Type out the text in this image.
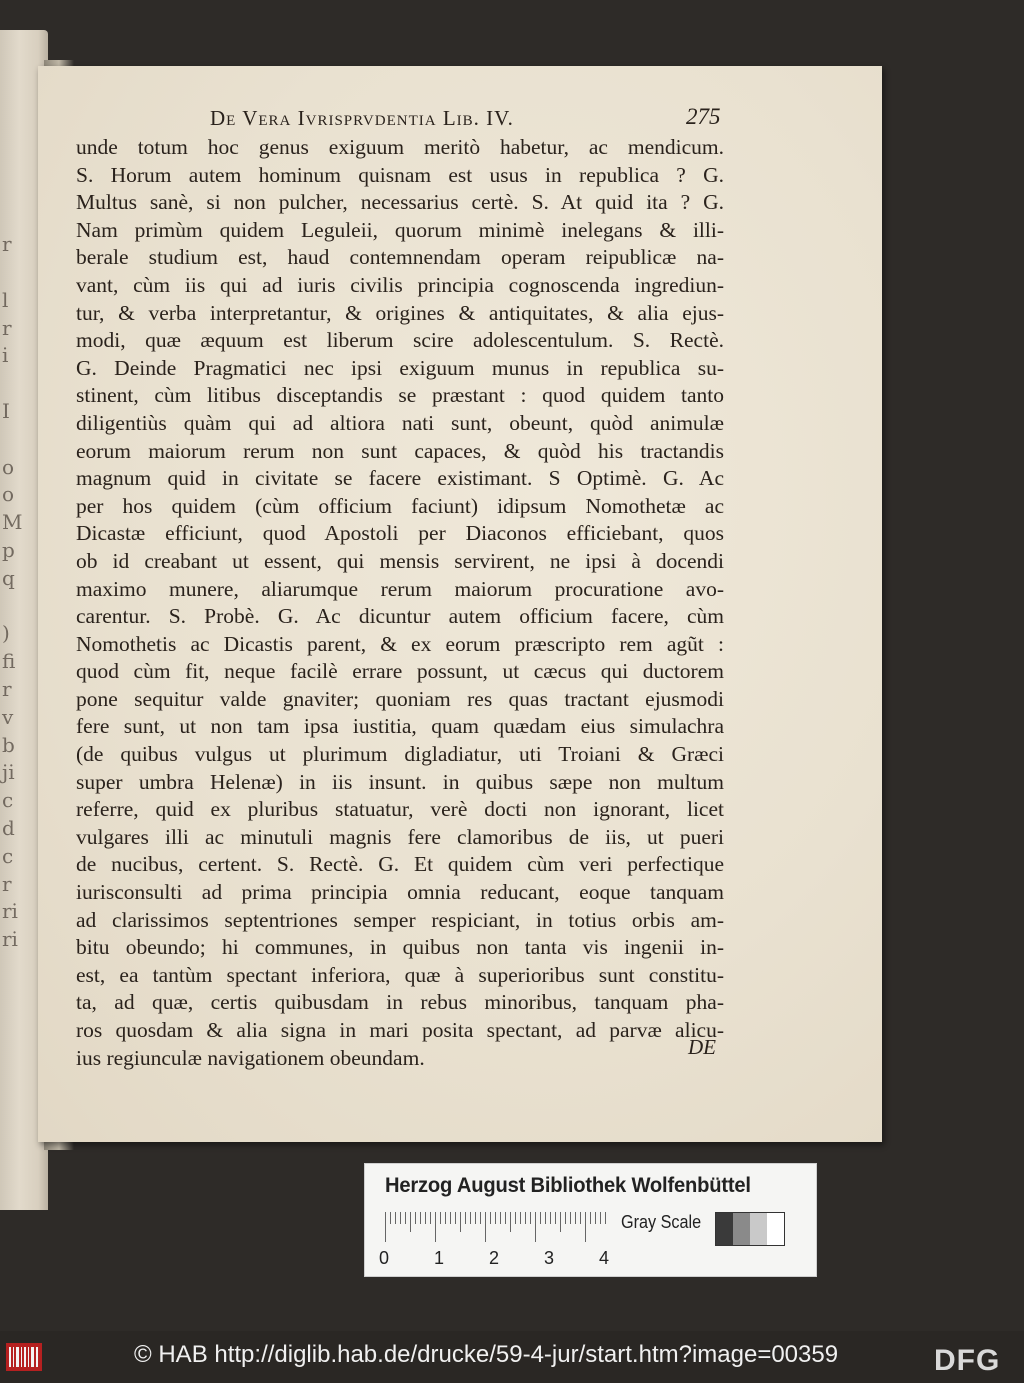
r
l
r
i
I
o
o
M
p
q
)
fi
r
v
b
ji
c
d
c
r
ri
ri
De Vera Ivrisprvdentia Lib. IV.	275
unde totum hoc genus exiguum meritò habetur, ac mendicum.
S. Horum autem hominum quisnam est usus in republica ? G.
Multus sanè, si non pulcher, necessarius certè. S. At quid ita ? G.
Nam primùm quidem Leguleii, quorum minimè inelegans & illi-
berale studium est, haud contemnendam operam reipublicæ na-
vant, cùm iis qui ad iuris civilis principia cognoscenda ingrediun-
tur, & verba interpretantur, & origines & antiquitates, & alia ejus-
modi, quæ æquum est liberum scire adolescentulum. S. Rectè.
G. Deinde Pragmatici nec ipsi exiguum munus in republica su-
stinent, cùm litibus disceptandis se præstant : quod quidem tanto
diligentiùs quàm qui ad altiora nati sunt, obeunt, quòd animulæ
eorum maiorum rerum non sunt capaces, & quòd his tractandis
magnum quid in civitate se facere existimant. S Optimè. G. Ac
per hos quidem (cùm officium faciunt) idipsum Nomothetæ ac
Dicastæ efficiunt, quod Apostoli per Diaconos efficiebant, quos
ob id creabant ut essent, qui mensis servirent, ne ipsi à docendi
maximo munere, aliarumque rerum maiorum procuratione avo-
carentur. S. Probè. G. Ac dicuntur autem officium facere, cùm
Nomothetis ac Dicastis parent, & ex eorum præscripto rem agũt :
quod cùm fit, neque facilè errare possunt, ut cæcus qui ductorem
pone sequitur valde gnaviter; quoniam res quas tractant ejusmodi
fere sunt, ut non tam ipsa iustitia, quam quædam eius simulachra
(de quibus vulgus ut plurimum digladiatur, uti Troiani & Græci
super umbra Helenæ) in iis insunt. in quibus sæpe non multum
referre, quid ex pluribus statuatur, verè docti non ignorant, licet
vulgares illi ac minutuli magnis fere clamoribus de iis, ut pueri
de nucibus, certent. S. Rectè. G. Et quidem cùm veri perfectique
iurisconsulti ad prima principia omnia reducant, eoque tanquam
ad clarissimos septentriones semper respiciant, in totius orbis am-
bitu obeundo; hi communes, in quibus non tanta vis ingenii in-
est, ea tantùm spectant inferiora, quæ à superioribus sunt constitu-
ta, ad quæ, certis quibusdam in rebus minoribus, tanquam pha-
ros quosdam & alia signa in mari posita spectant, ad parvæ alicu-
ius regiunculæ navigationem obeundam.	DE
Herzog August Bibliothek Wolfenbüttel
0 1 2 3 4
Gray Scale
© HAB http://diglib.hab.de/drucke/59-4-jur/start.htm?image=00359	DFG
